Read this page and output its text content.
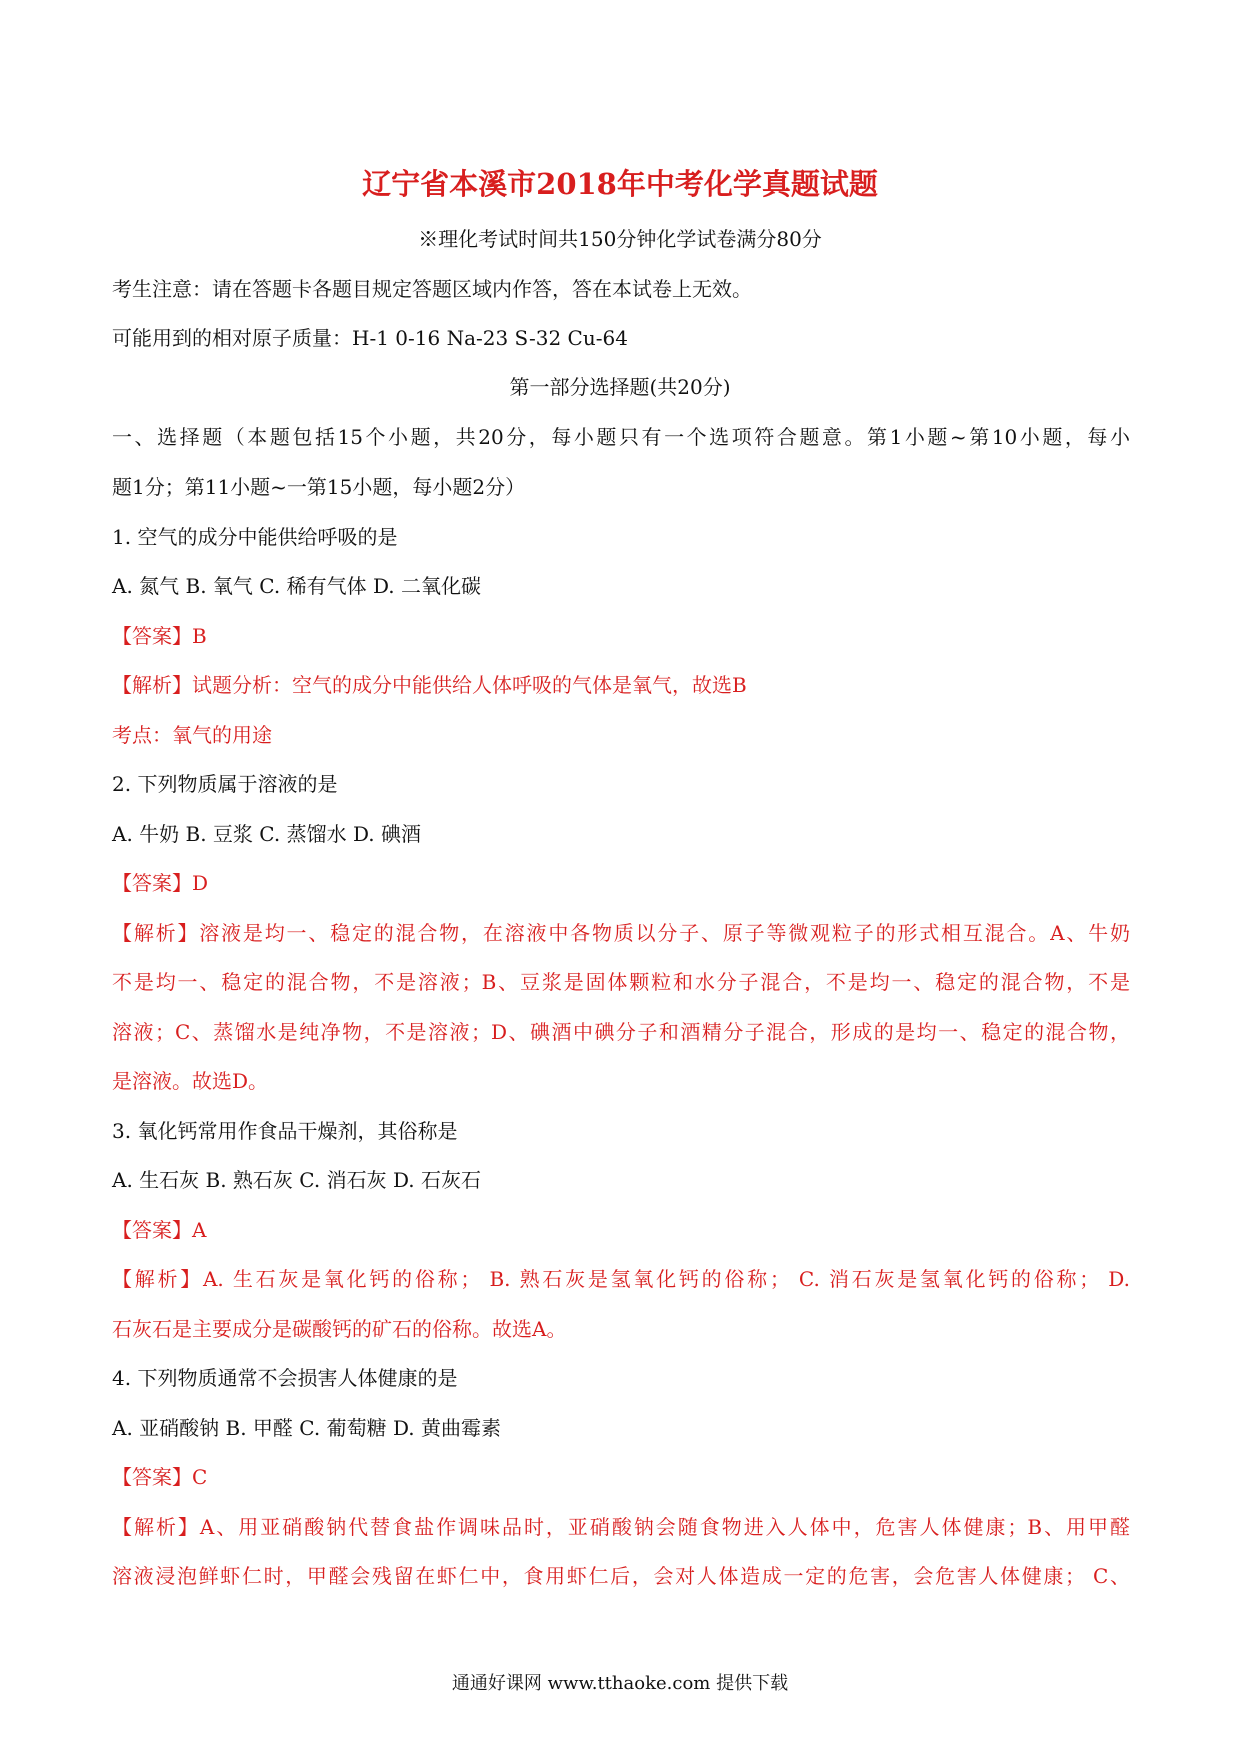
辽宁省本溪市2018年中考化学真题试题
※理化考试时间共150分钟化学试卷满分80分
考生注意：请在答题卡各题目规定答题区域内作答，答在本试卷上无效。
可能用到的相对原子质量：H-1 0-16 Na-23 S-32 Cu-64
第一部分选择题(共20分)
一、选择题（本题包括15个小题，共20分，每小题只有一个选项符合题意。第1小题~第10小题，每小
题1分；第11小题~一第15小题，每小题2分）
1. 空气的成分中能供给呼吸的是
A. 氮气 B. 氧气 C. 稀有气体 D. 二氧化碳
【答案】B
【解析】试题分析：空气的成分中能供给人体呼吸的气体是氧气，故选B
考点：氧气的用途
2. 下列物质属于溶液的是
A. 牛奶 B. 豆浆 C. 蒸馏水 D. 碘酒
【答案】D
【解析】溶液是均一、稳定的混合物，在溶液中各物质以分子、原子等微观粒子的形式相互混合。A、牛奶
不是均一、稳定的混合物，不是溶液；B、豆浆是固体颗粒和水分子混合，不是均一、稳定的混合物，不是
溶液；C、蒸馏水是纯净物，不是溶液；D、碘酒中碘分子和酒精分子混合，形成的是均一、稳定的混合物，
是溶液。故选D。
3. 氧化钙常用作食品干燥剂，其俗称是
A. 生石灰 B. 熟石灰 C. 消石灰 D. 石灰石
【答案】A
【解析】A. 生石灰是氧化钙的俗称； B. 熟石灰是氢氧化钙的俗称； C. 消石灰是氢氧化钙的俗称； D.
石灰石是主要成分是碳酸钙的矿石的俗称。故选A。
4. 下列物质通常不会损害人体健康的是
A. 亚硝酸钠 B. 甲醛 C. 葡萄糖 D. 黄曲霉素
【答案】C
【解析】A、用亚硝酸钠代替食盐作调味品时，亚硝酸钠会随食物进入人体中，危害人体健康；B、用甲醛
溶液浸泡鲜虾仁时，甲醛会残留在虾仁中，食用虾仁后，会对人体造成一定的危害，会危害人体健康； C、
通通好课网 www.tthaoke.com 提供下载
